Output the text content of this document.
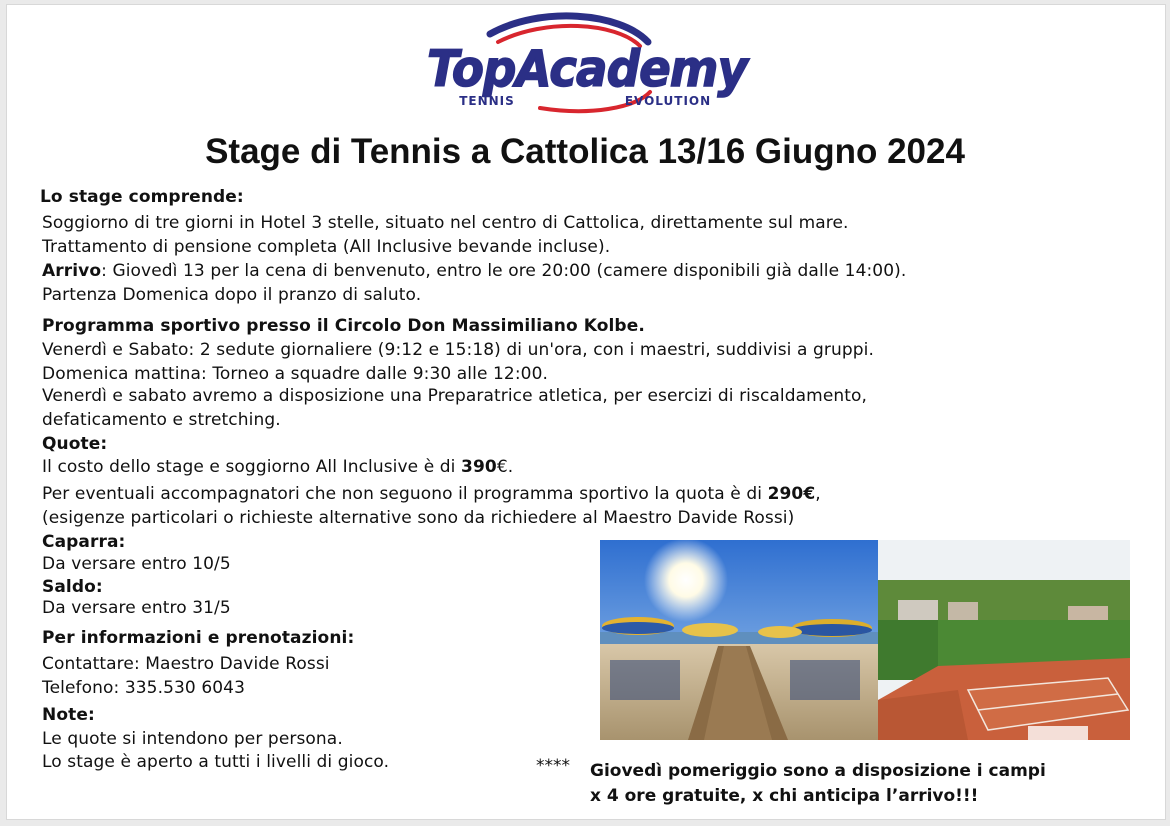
TopAcademy
TENNIS	EVOLUTION
Stage di Tennis a Cattolica 13/16 Giugno 2024
Lo stage comprende:
Soggiorno di tre giorni in Hotel 3 stelle, situato nel centro di Cattolica, direttamente sul mare.
Trattamento di pensione completa (All Inclusive bevande incluse).
Arrivo: Giovedì 13 per la cena di benvenuto, entro le ore 20:00 (camere disponibili già dalle 14:00).
Partenza Domenica dopo il pranzo di saluto.
Programma sportivo presso il Circolo Don Massimiliano Kolbe.
Venerdì e Sabato: 2 sedute giornaliere (9:12 e 15:18) di un'ora, con i maestri, suddivisi a gruppi.
Domenica mattina: Torneo a squadre dalle 9:30 alle 12:00.
Venerdì e sabato avremo a disposizione una Preparatrice atletica, per esercizi di riscaldamento,
defaticamento e stretching.
Quote:
Il costo dello stage e soggiorno All Inclusive è di 390€.
Per eventuali accompagnatori che non seguono il programma sportivo la quota è di 290€,
(esigenze particolari o richieste alternative sono da richiedere al Maestro Davide Rossi)
Caparra:
Da versare entro 10/5
Saldo:
Da versare entro 31/5
Per informazioni e prenotazioni:
Contattare: Maestro Davide Rossi
Telefono: 335.530 6043
Note:
Le quote si intendono per persona.
Lo stage è aperto a tutti i livelli di gioco.	**** Giovedì pomeriggio sono a disposizione i campi
x 4 ore gratuite, x chi anticipa l’arrivo!!!
